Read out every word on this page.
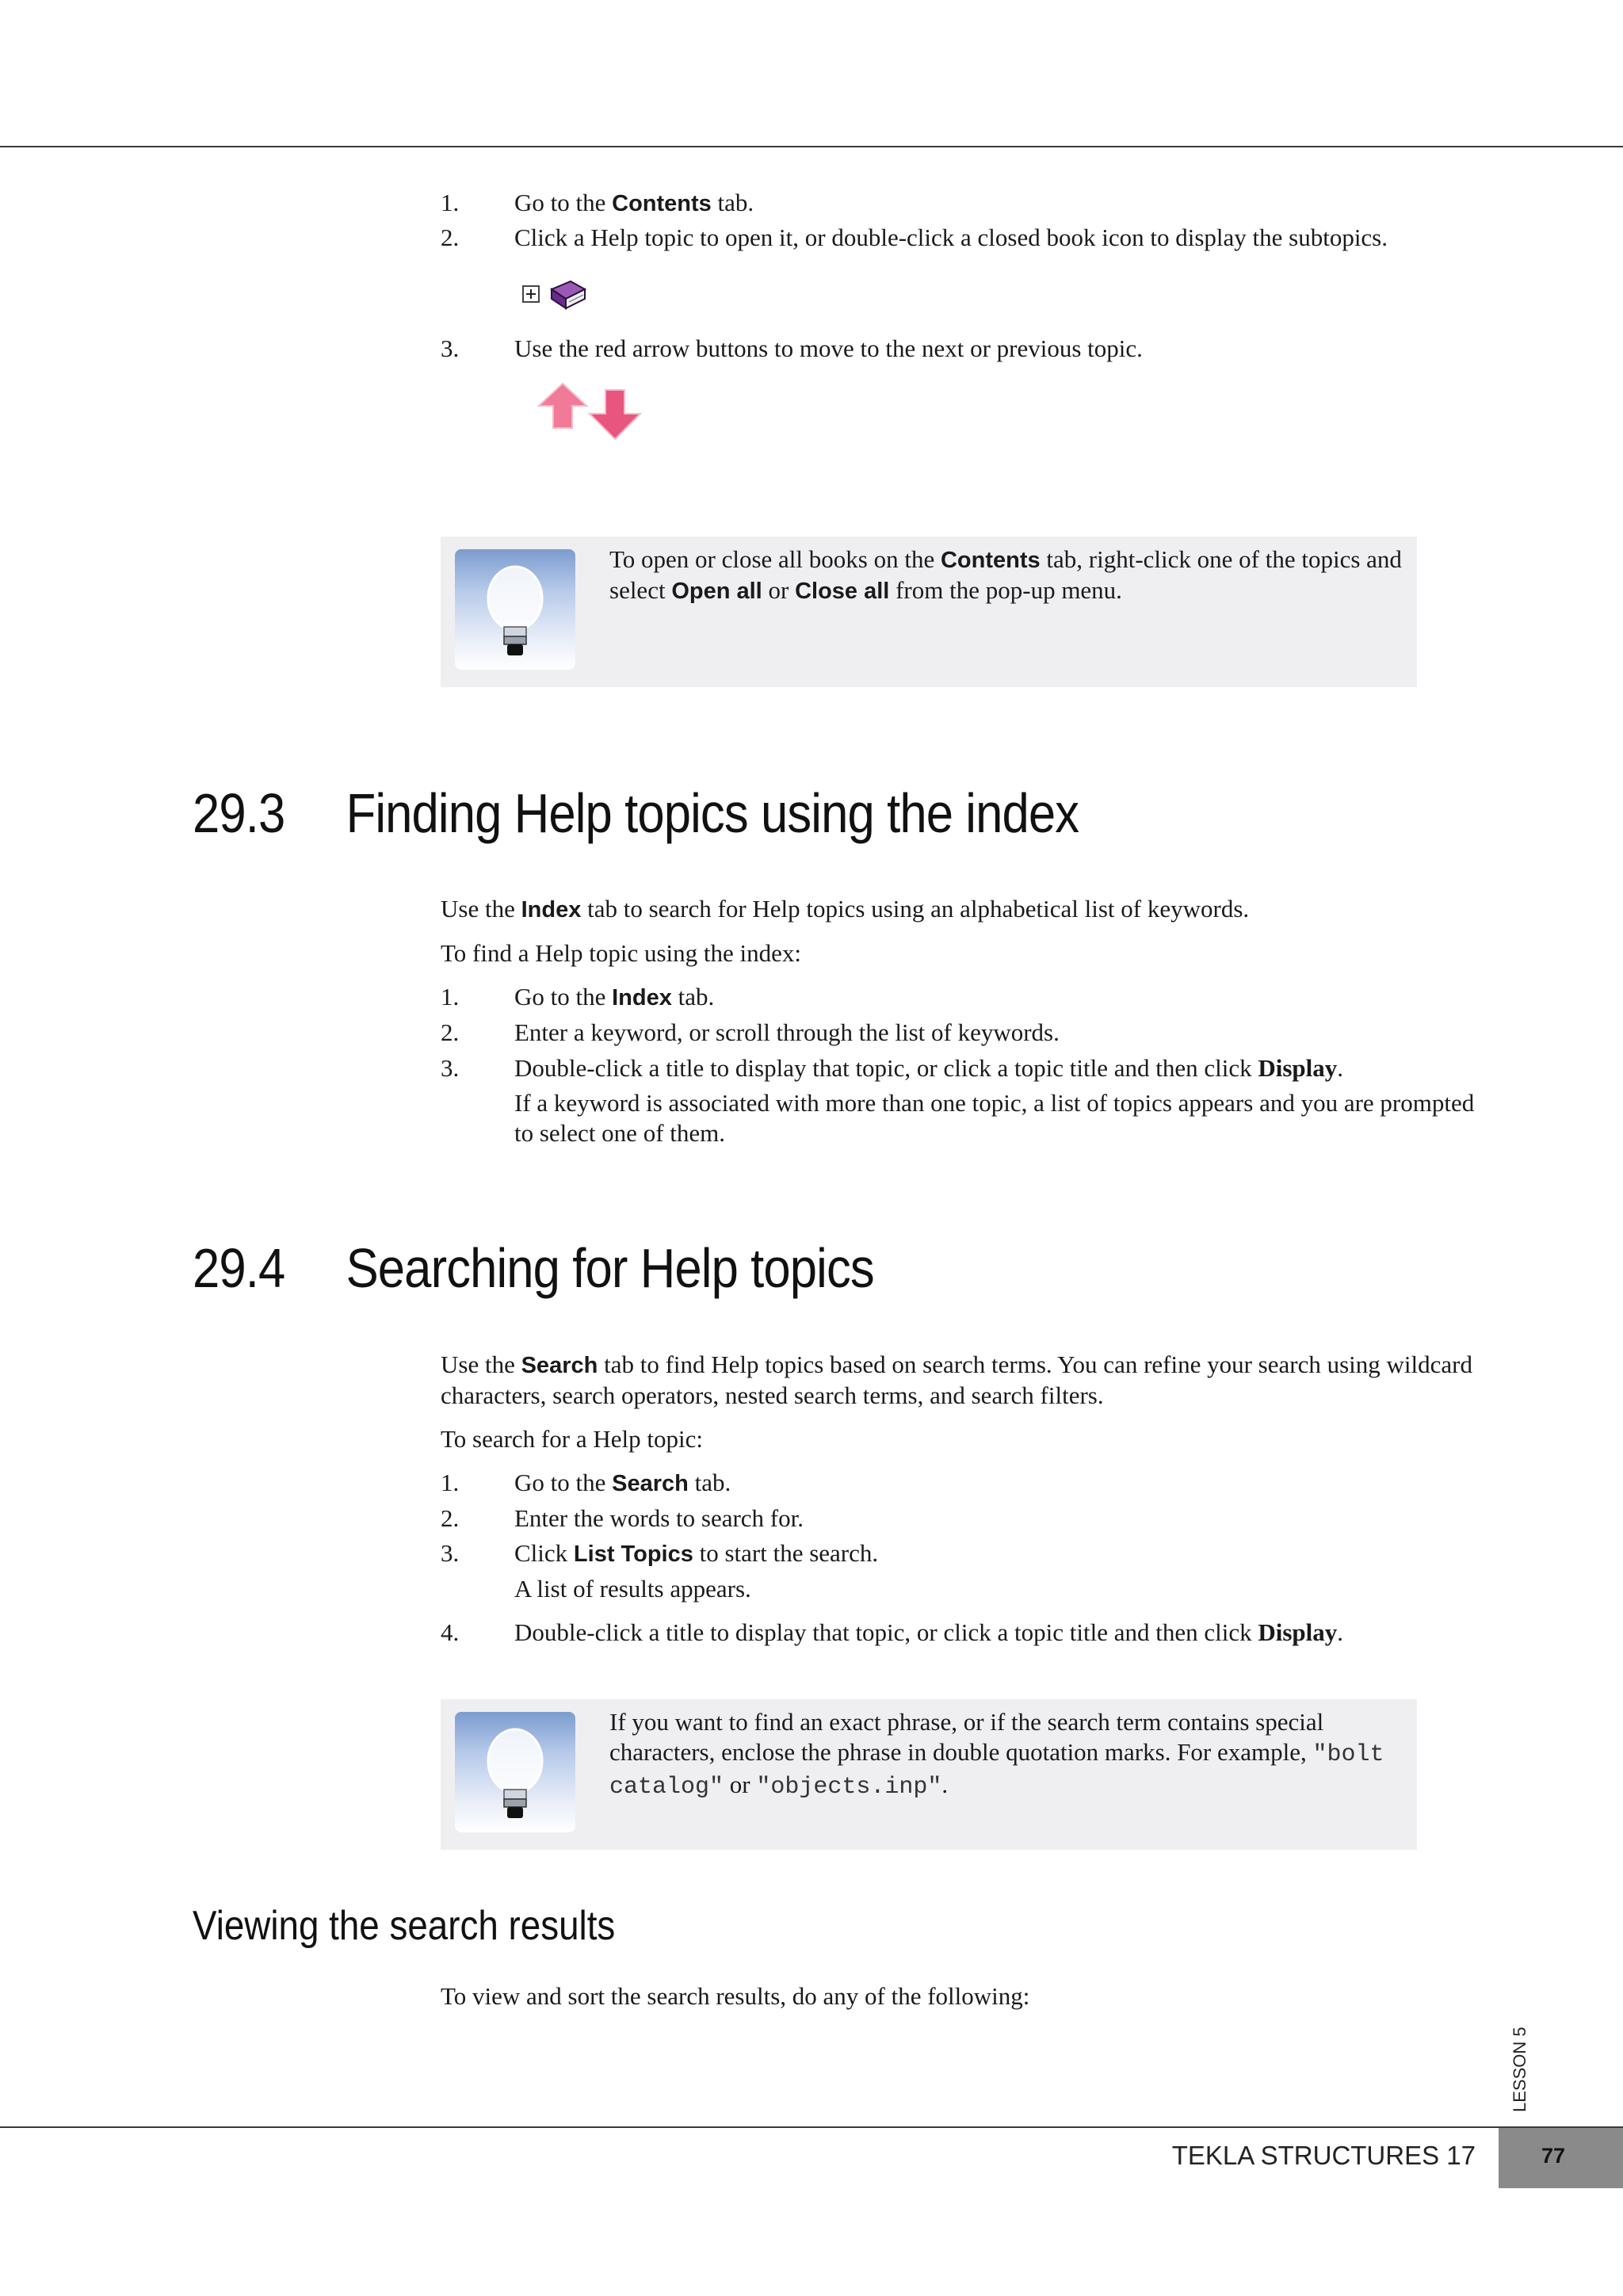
1. Go to the Contents tab.
2. Click a Help topic to open it, or double-click a closed book icon to display the subtopics.
3. Use the red arrow buttons to move to the next or previous topic.
To open or close all books on the Contents tab, right-click one of the topics and select Open all or Close all from the pop-up menu.
29.3 Finding Help topics using the index
Use the Index tab to search for Help topics using an alphabetical list of keywords.
To find a Help topic using the index:
1. Go to the Index tab.
2. Enter a keyword, or scroll through the list of keywords.
3. Double-click a title to display that topic, or click a topic title and then click Display.
If a keyword is associated with more than one topic, a list of topics appears and you are prompted to select one of them.
29.4 Searching for Help topics
Use the Search tab to find Help topics based on search terms. You can refine your search using wildcard characters, search operators, nested search terms, and search filters.
To search for a Help topic:
1. Go to the Search tab.
2. Enter the words to search for.
3. Click List Topics to start the search.
A list of results appears.
4. Double-click a title to display that topic, or click a topic title and then click Display.
If you want to find an exact phrase, or if the search term contains special characters, enclose the phrase in double quotation marks. For example, "bolt catalog" or "objects.inp".
Viewing the search results
To view and sort the search results, do any of the following:
LESSON 5
TEKLA STRUCTURES 17	77
